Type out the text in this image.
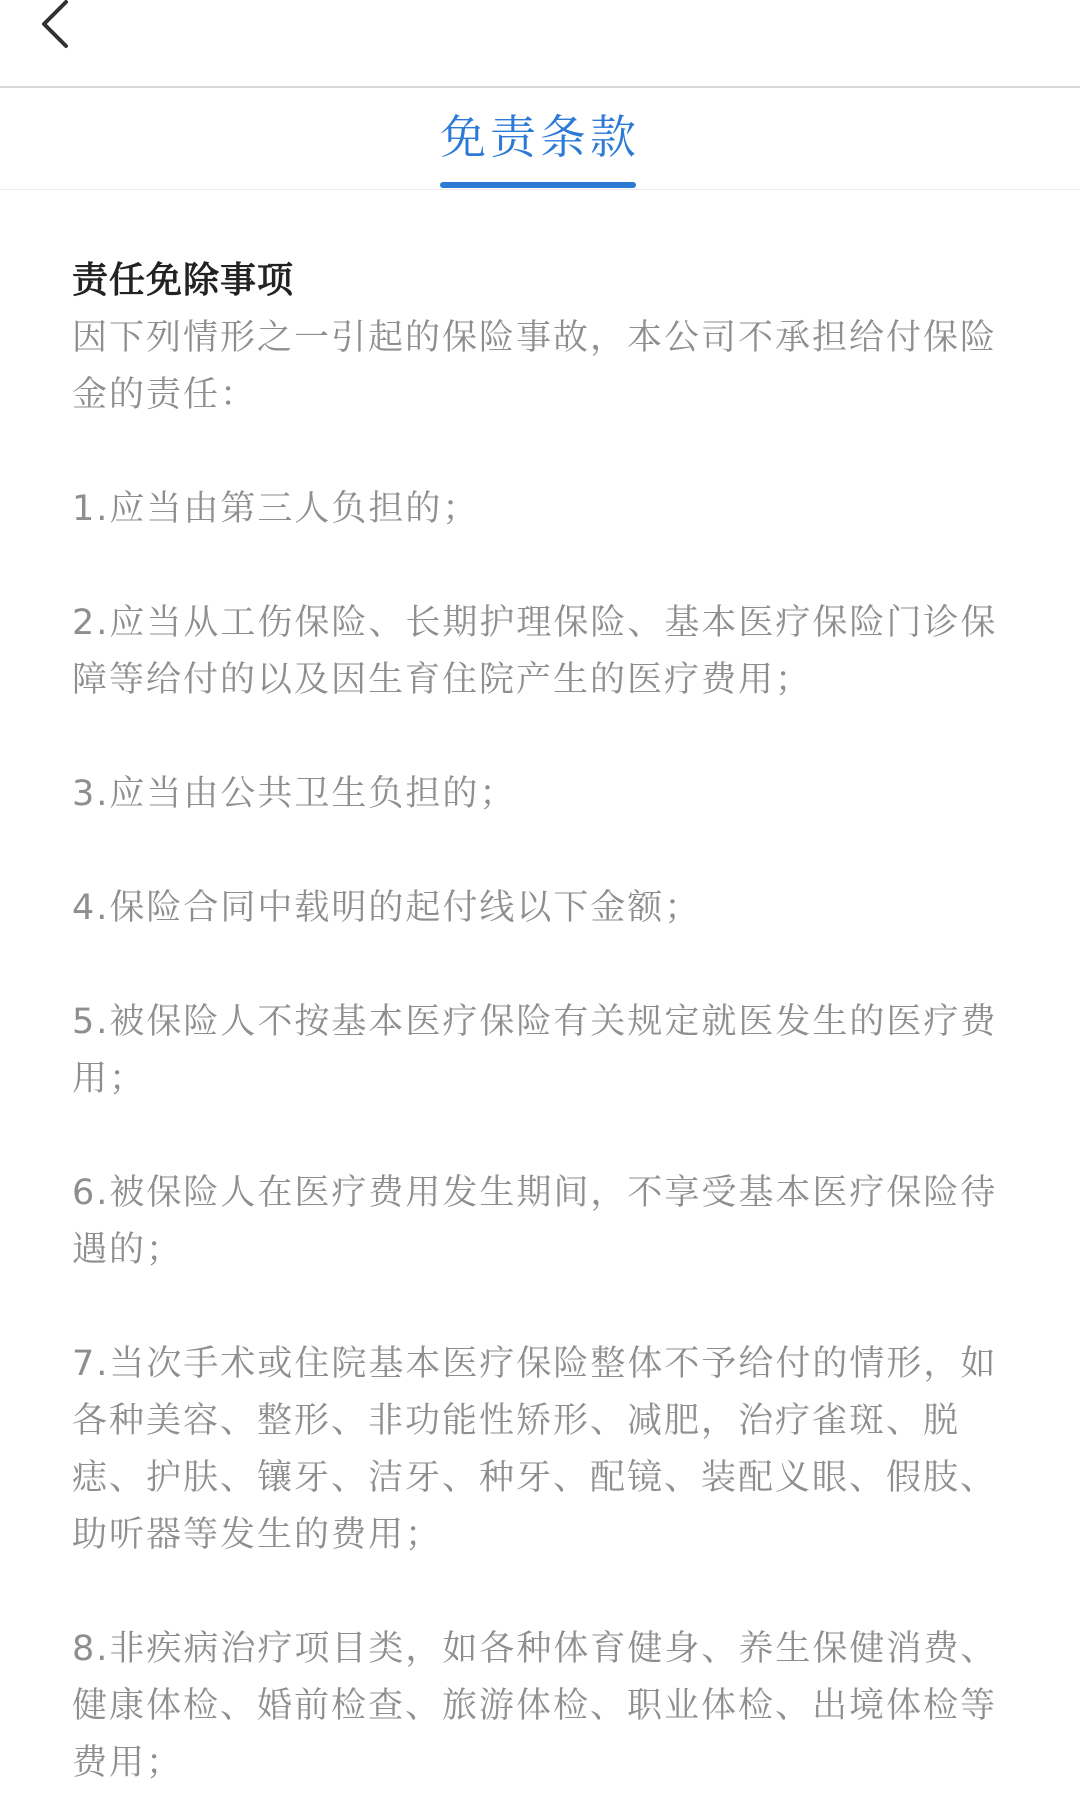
免责条款
责任免除事项

因下列情形之一引起的保险事故，本公司不承担给付保险金的责任：

1.应当由第三人负担的；

2.应当从工伤保险、长期护理保险、基本医疗保险门诊保障等给付的以及因生育住院产生的医疗费用；

3.应当由公共卫生负担的；

4.保险合同中载明的起付线以下金额；

5.被保险人不按基本医疗保险有关规定就医发生的医疗费用；

6.被保险人在医疗费用发生期间，不享受基本医疗保险待遇的；

7.当次手术或住院基本医疗保险整体不予给付的情形，如各种美容、整形、非功能性矫形、减肥，治疗雀斑、脱痣、护肤、镶牙、洁牙、种牙、配镜、装配义眼、假肢、助听器等发生的费用；

8.非疾病治疗项目类，如各种体育健身、养生保健消费、健康体检、婚前检查、旅游体检、职业体检、出境体检等费用；
